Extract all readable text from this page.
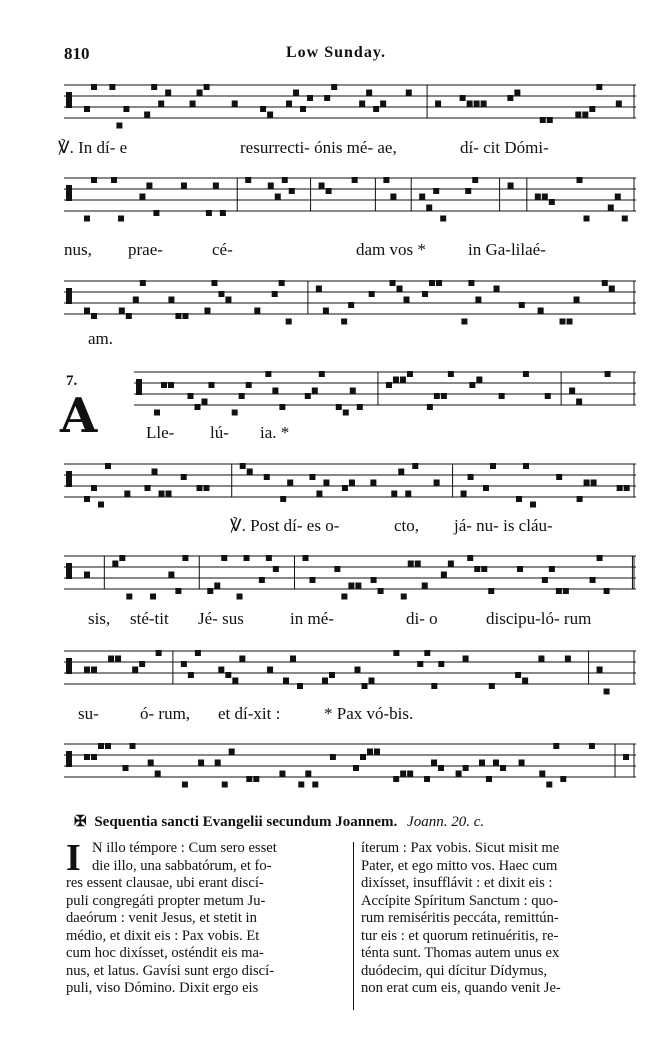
810	Low Sunday.
℣. In dí- e	resurrecti- ónis mé- ae,	dí- cit Dómi-
nus, prae-	cé-	dam vos * in Ga-lilaé-
am.
7.
A	Lle- lú- ia. *
℣. Post dí- es o-	cto, já- nu- is cláu-
sis, sté-tit Jé- sus	in mé-	di- o	discipu-ló- rum
su- ó- rum, et dí-xit :	* Pax vó-bis.
✠ Sequentia sancti Evangelii secundum Joannem. Joann. 20. c.
I N illo témpore : Cum sero esset
die illo, una sabbatórum, et fo-
res essent clausae, ubi erant discí-
puli congregáti propter metum Ju-
daeórum : venit Jesus, et stetit in
médio, et dixit eis : Pax vobis. Et
cum hoc dixísset, osténdit eis ma-
nus, et latus. Gavísi sunt ergo discí-
puli, viso Dómino. Dixit ergo eis
íterum : Pax vobis. Sicut misit me
Pater, et ego mitto vos. Haec cum
dixísset, insufflávit : et dixit eis :
Accípite Spíritum Sanctum : quo-
rum remiséritis peccáta, remittún-
tur eis : et quorum retinuéritis, re-
ténta sunt. Thomas autem unus ex
duódecim, qui dícitur Dídymus,
non erat cum eis, quando venit Je-
